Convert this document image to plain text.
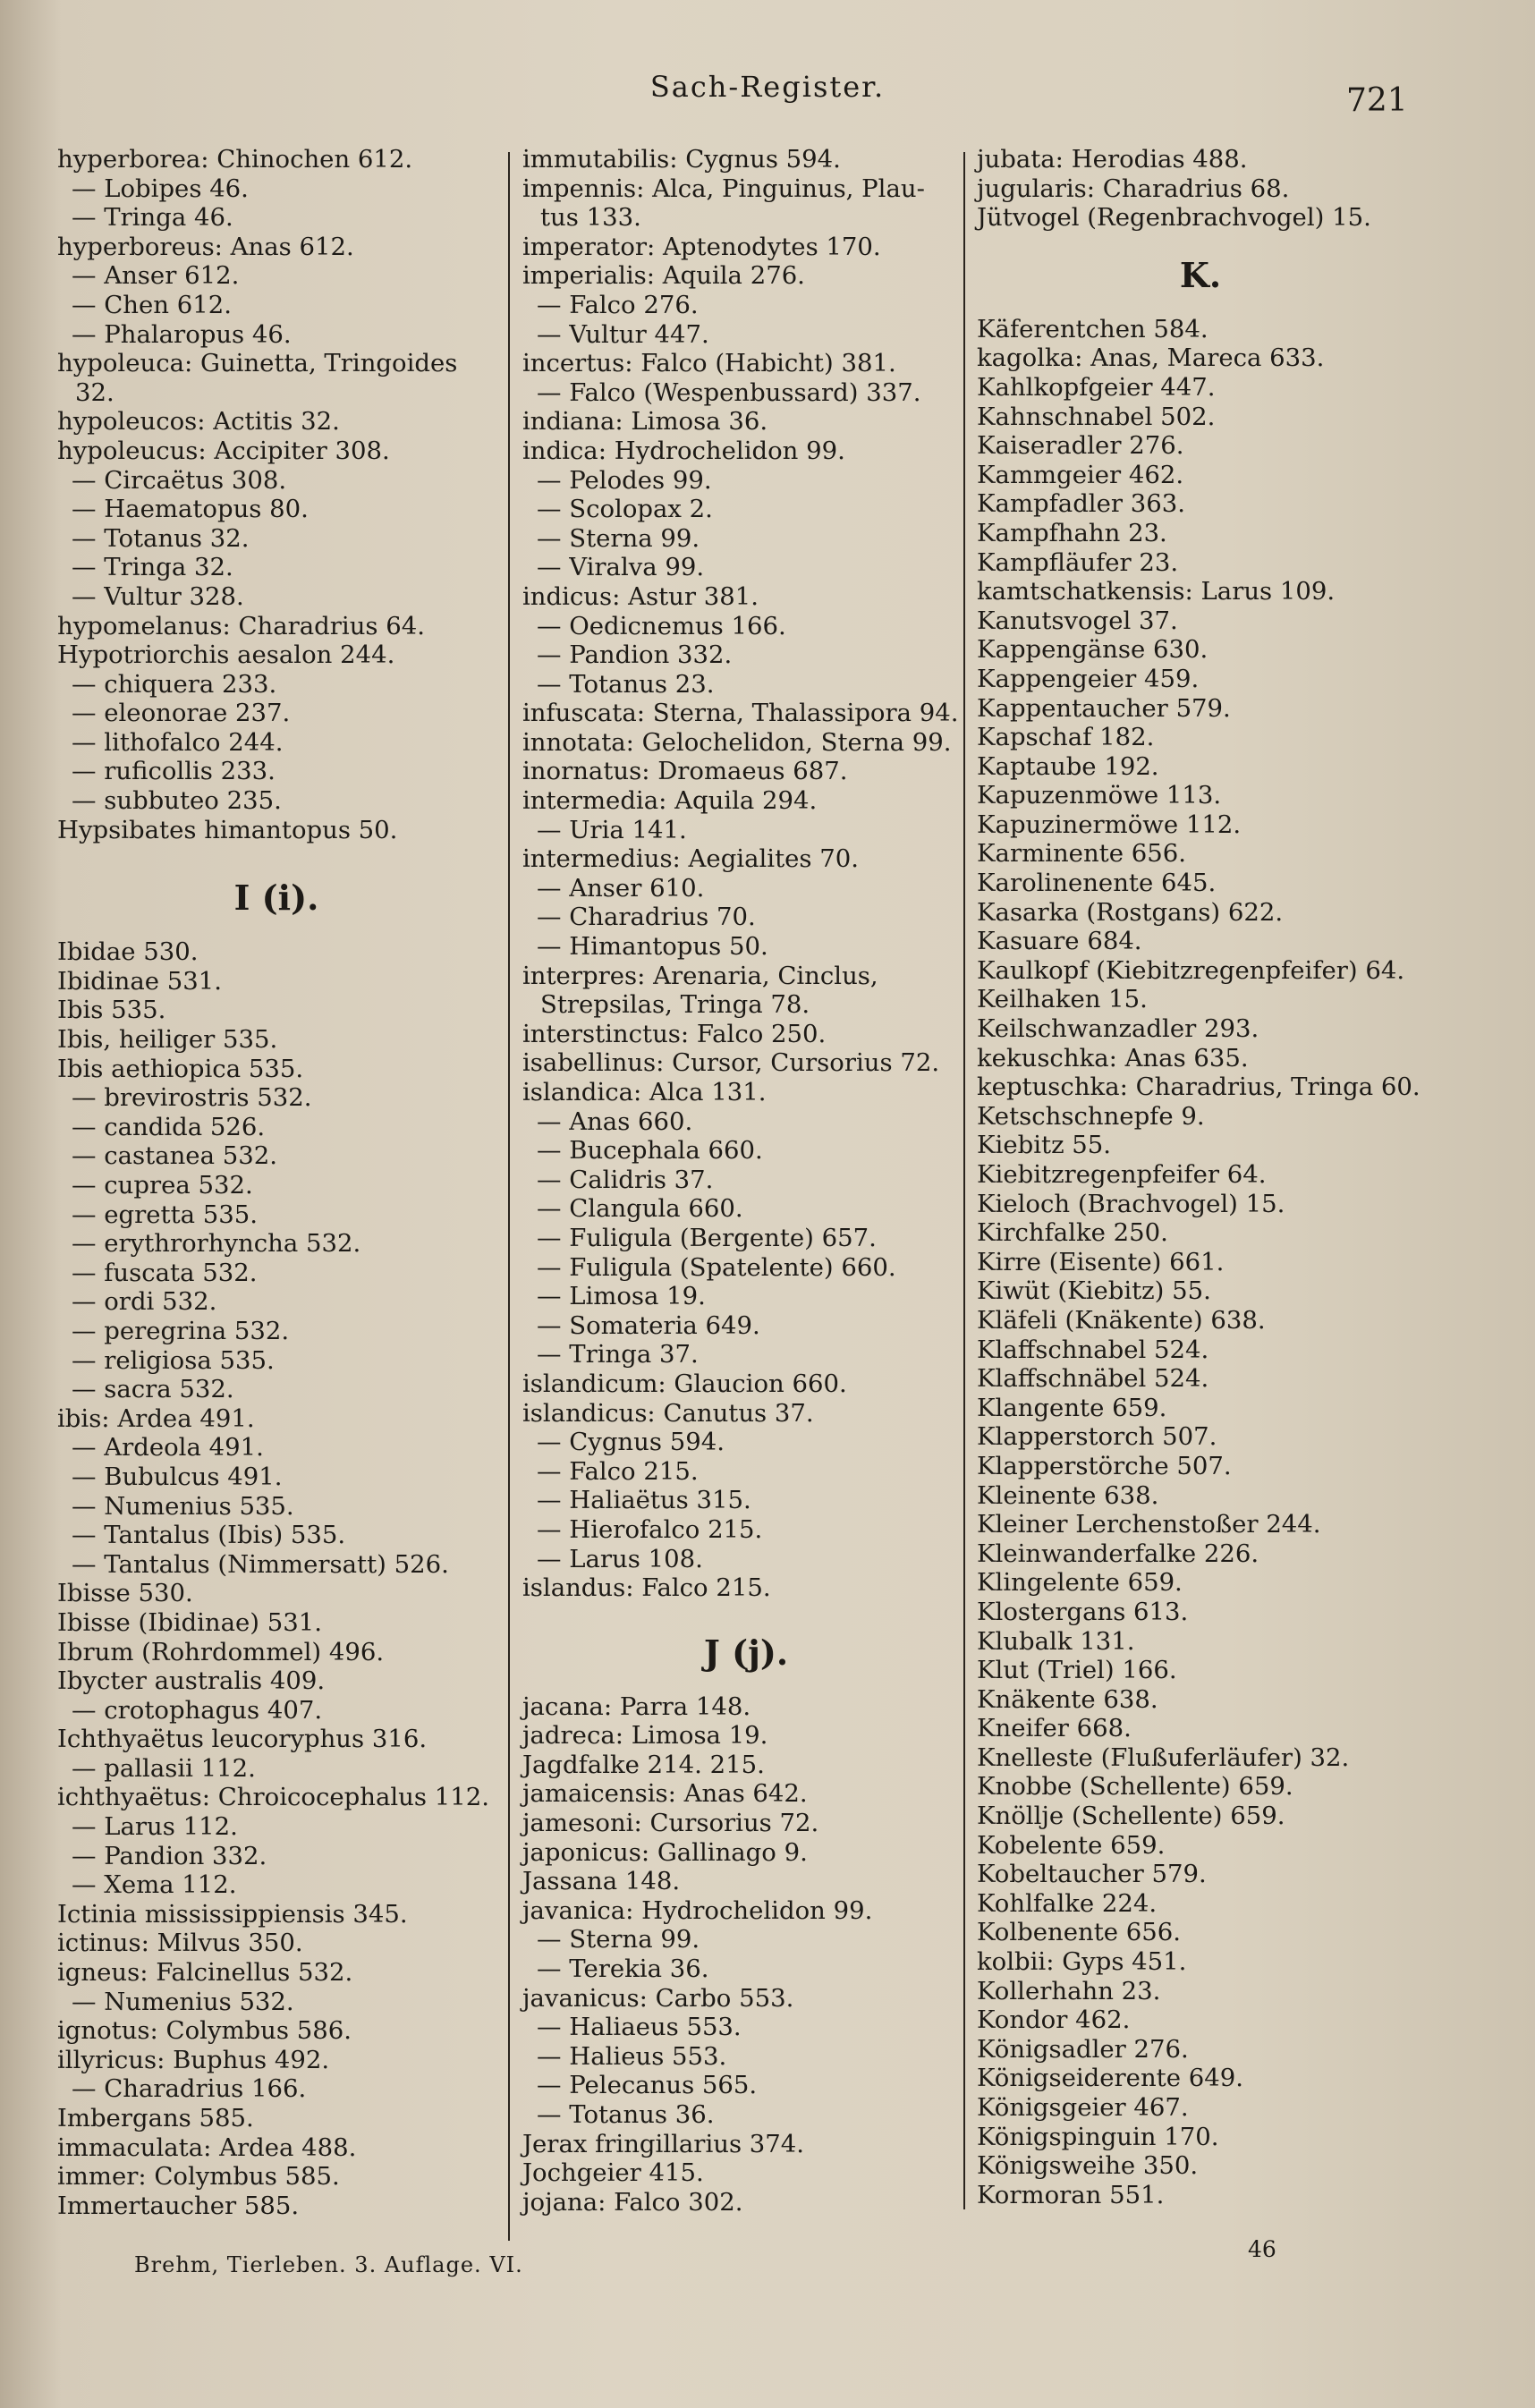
Sach-Register.	721
hyperborea: Chinochen 612.
— Lobipes 46.
— Tringa 46.
hyperboreus: Anas 612.
— Anser 612.
— Chen 612.
— Phalaropus 46.
hypoleuca: Guinetta, Tringoides
32.
hypoleucos: Actitis 32.
hypoleucus: Accipiter 308.
— Circaëtus 308.
— Haematopus 80.
— Totanus 32.
— Tringa 32.
— Vultur 328.
hypomelanus: Charadrius 64.
Hypotriorchis aesalon 244.
— chiquera 233.
— eleonorae 237.
— lithofalco 244.
— ruficollis 233.
— subbuteo 235.
Hypsibates himantopus 50.
I (i).
Ibidae 530.
Ibidinae 531.
Ibis 535.
Ibis, heiliger 535.
Ibis aethiopica 535.
— brevirostris 532.
— candida 526.
— castanea 532.
— cuprea 532.
— egretta 535.
— erythrorhyncha 532.
— fuscata 532.
— ordi 532.
— peregrina 532.
— religiosa 535.
— sacra 532.
ibis: Ardea 491.
— Ardeola 491.
— Bubulcus 491.
— Numenius 535.
— Tantalus (Ibis) 535.
— Tantalus (Nimmersatt) 526.
Ibisse 530.
Ibisse (Ibidinae) 531.
Ibrum (Rohrdommel) 496.
Ibycter australis 409.
— crotophagus 407.
Ichthyaëtus leucoryphus 316.
— pallasii 112.
ichthyaëtus: Chroicocephalus 112.
— Larus 112.
— Pandion 332.
— Xema 112.
Ictinia mississippiensis 345.
ictinus: Milvus 350.
igneus: Falcinellus 532.
— Numenius 532.
ignotus: Colymbus 586.
illyricus: Buphus 492.
— Charadrius 166.
Imbergans 585.
immaculata: Ardea 488.
immer: Colymbus 585.
Immertaucher 585.
immutabilis: Cygnus 594.
impennis: Alca, Pinguinus, Plau-
tus 133.
imperator: Aptenodytes 170.
imperialis: Aquila 276.
— Falco 276.
— Vultur 447.
incertus: Falco (Habicht) 381.
— Falco (Wespenbussard) 337.
indiana: Limosa 36.
indica: Hydrochelidon 99.
— Pelodes 99.
— Scolopax 2.
— Sterna 99.
— Viralva 99.
indicus: Astur 381.
— Oedicnemus 166.
— Pandion 332.
— Totanus 23.
infuscata: Sterna, Thalassipora 94.
innotata: Gelochelidon, Sterna 99.
inornatus: Dromaeus 687.
intermedia: Aquila 294.
— Uria 141.
intermedius: Aegialites 70.
— Anser 610.
— Charadrius 70.
— Himantopus 50.
interpres: Arenaria, Cinclus,
Strepsilas, Tringa 78.
interstinctus: Falco 250.
isabellinus: Cursor, Cursorius 72.
islandica: Alca 131.
— Anas 660.
— Bucephala 660.
— Calidris 37.
— Clangula 660.
— Fuligula (Bergente) 657.
— Fuligula (Spatelente) 660.
— Limosa 19.
— Somateria 649.
— Tringa 37.
islandicum: Glaucion 660.
islandicus: Canutus 37.
— Cygnus 594.
— Falco 215.
— Haliaëtus 315.
— Hierofalco 215.
— Larus 108.
islandus: Falco 215.
J (j).
jacana: Parra 148.
jadreca: Limosa 19.
Jagdfalke 214. 215.
jamaicensis: Anas 642.
jamesoni: Cursorius 72.
japonicus: Gallinago 9.
Jassana 148.
javanica: Hydrochelidon 99.
— Sterna 99.
— Terekia 36.
javanicus: Carbo 553.
— Haliaeus 553.
— Halieus 553.
— Pelecanus 565.
— Totanus 36.
Jerax fringillarius 374.
Jochgeier 415.
jojana: Falco 302.
jubata: Herodias 488.
jugularis: Charadrius 68.
Jütvogel (Regenbrachvogel) 15.
K.
Käferentchen 584.
kagolka: Anas, Mareca 633.
Kahlkopfgeier 447.
Kahnschnabel 502.
Kaiseradler 276.
Kammgeier 462.
Kampfadler 363.
Kampfhahn 23.
Kampfläufer 23.
kamtschatkensis: Larus 109.
Kanutsvogel 37.
Kappengänse 630.
Kappengeier 459.
Kappentaucher 579.
Kapschaf 182.
Kaptaube 192.
Kapuzenmöwe 113.
Kapuzinermöwe 112.
Karminente 656.
Karolinenente 645.
Kasarka (Rostgans) 622.
Kasuare 684.
Kaulkopf (Kiebitzregenpfeifer) 64.
Keilhaken 15.
Keilschwanzadler 293.
kekuschka: Anas 635.
keptuschka: Charadrius, Tringa 60.
Ketschschnepfe 9.
Kiebitz 55.
Kiebitzregenpfeifer 64.
Kieloch (Brachvogel) 15.
Kirchfalke 250.
Kirre (Eisente) 661.
Kiwüt (Kiebitz) 55.
Kläfeli (Knäkente) 638.
Klaffschnabel 524.
Klaffschnäbel 524.
Klangente 659.
Klapperstorch 507.
Klapperstörche 507.
Kleinente 638.
Kleiner Lerchenstoßer 244.
Kleinwanderfalke 226.
Klingelente 659.
Klostergans 613.
Klubalk 131.
Klut (Triel) 166.
Knäkente 638.
Kneifer 668.
Knelleste (Flußuferläufer) 32.
Knobbe (Schellente) 659.
Knöllje (Schellente) 659.
Kobelente 659.
Kobeltaucher 579.
Kohlfalke 224.
Kolbenente 656.
kolbii: Gyps 451.
Kollerhahn 23.
Kondor 462.
Königsadler 276.
Königseiderente 649.
Königsgeier 467.
Königspinguin 170.
Königsweihe 350.
Kormoran 551.
Brehm, Tierleben. 3. Auflage. VI.
46
